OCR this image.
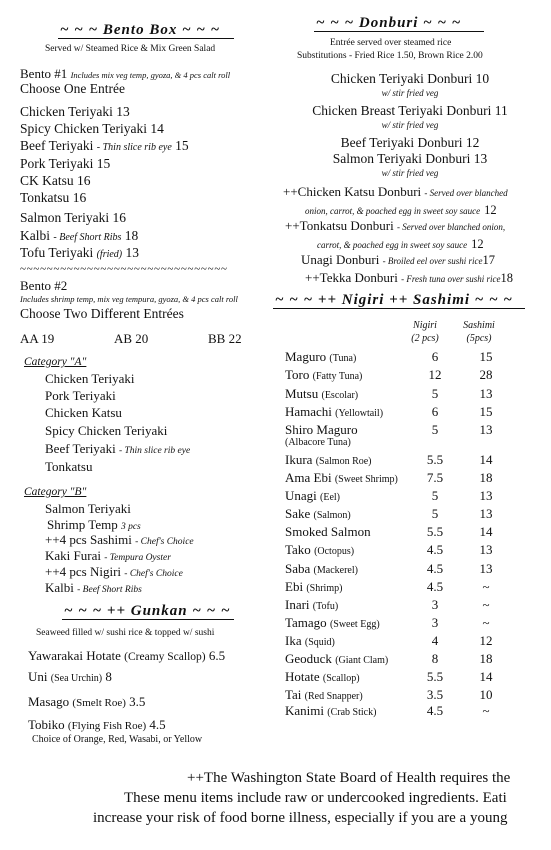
~ ~ ~ Bento Box ~ ~ ~
Served w/ Steamed Rice & Mix Green Salad
Bento #1 Includes mix veg temp, gyoza, & 4 pcs calt roll
Choose One Entrée
Chicken Teriyaki 13
Spicy Chicken Teriyaki 14
Beef Teriyaki - Thin slice rib eye 15
Pork Teriyaki 15
CK Katsu 16
Tonkatsu 16
Salmon Teriyaki 16
Kalbi - Beef Short Ribs 18
Tofu Teriyaki (fried) 13
~ ~ ~ ~ ~ ~ ~ ~ ~ ~ ~ ~ ~ ~ ~ ~ ~ ~ ~ ~ ~ ~ ~ ~ ~ ~ ~ ~ ~ ~ ~
Bento #2
Includes shrimp temp, mix veg tempura, gyoza, & 4 pcs calt roll
Choose Two Different Entrées
AA 19	AB 20	BB 22
Category "A"
Chicken Teriyaki
Pork Teriyaki
Chicken Katsu
Spicy Chicken Teriyaki
Beef Teriyaki - Thin slice rib eye
Tonkatsu
Category "B"
Salmon Teriyaki
Shrimp Temp 3 pcs
++4 pcs Sashimi - Chef's Choice
Kaki Furai - Tempura Oyster
++4 pcs Nigiri - Chef's Choice
Kalbi - Beef Short Ribs
~ ~ ~ ++ Gunkan ~ ~ ~
Seaweed filled w/ sushi rice & topped w/ sushi
Yawarakai Hotate (Creamy Scallop) 6.5
Uni (Sea Urchin) 8
Masago (Smelt Roe) 3.5
Tobiko (Flying Fish Roe) 4.5
Choice of Orange, Red, Wasabi, or Yellow
~ ~ ~ Donburi ~ ~ ~
Entrée served over steamed rice
Substitutions - Fried Rice 1.50, Brown Rice 2.00
Chicken Teriyaki Donburi 10
w/ stir fried veg
Chicken Breast Teriyaki Donburi 11
w/ stir fried veg
Beef Teriyaki Donburi 12
Salmon Teriyaki Donburi 13
w/ stir fried veg
++Chicken Katsu Donburi - Served over blanched
onion, carrot, & poached egg in sweet soy sauce 12
++Tonkatsu Donburi - Served over blanched onion,
carrot, & poached egg in sweet soy sauce 12
Unagi Donburi - Broiled eel over sushi rice17
++Tekka Donburi - Fresh tuna over sushi rice18
~ ~ ~ ++ Nigiri ++ Sashimi ~ ~ ~
Nigiri
(2 pcs)
Sashimi
(5pcs)
Maguro (Tuna)	6	15
Toro (Fatty Tuna)	12	28
Mutsu (Escolar)	5	13
Hamachi (Yellowtail)	6	15
Shiro Maguro	5	13
(Albacore Tuna)
Ikura (Salmon Roe)	5.5	14
Ama Ebi (Sweet Shrimp)	7.5	18
Unagi (Eel)	5	13
Sake (Salmon)	5	13
Smoked Salmon	5.5	14
Tako (Octopus)	4.5	13
Saba (Mackerel)	4.5	13
Ebi (Shrimp)	4.5	~
Inari (Tofu)	3	~
Tamago (Sweet Egg)	3	~
Ika (Squid)	4	12
Geoduck (Giant Clam)	8	18
Hotate (Scallop)	5.5	14
Tai (Red Snapper)	3.5	10
Kanimi (Crab Stick)	4.5	~
++The Washington State Board of Health requires the
These menu items include raw or undercooked ingredients. Eati
increase your risk of food borne illness, especially if you are a young
